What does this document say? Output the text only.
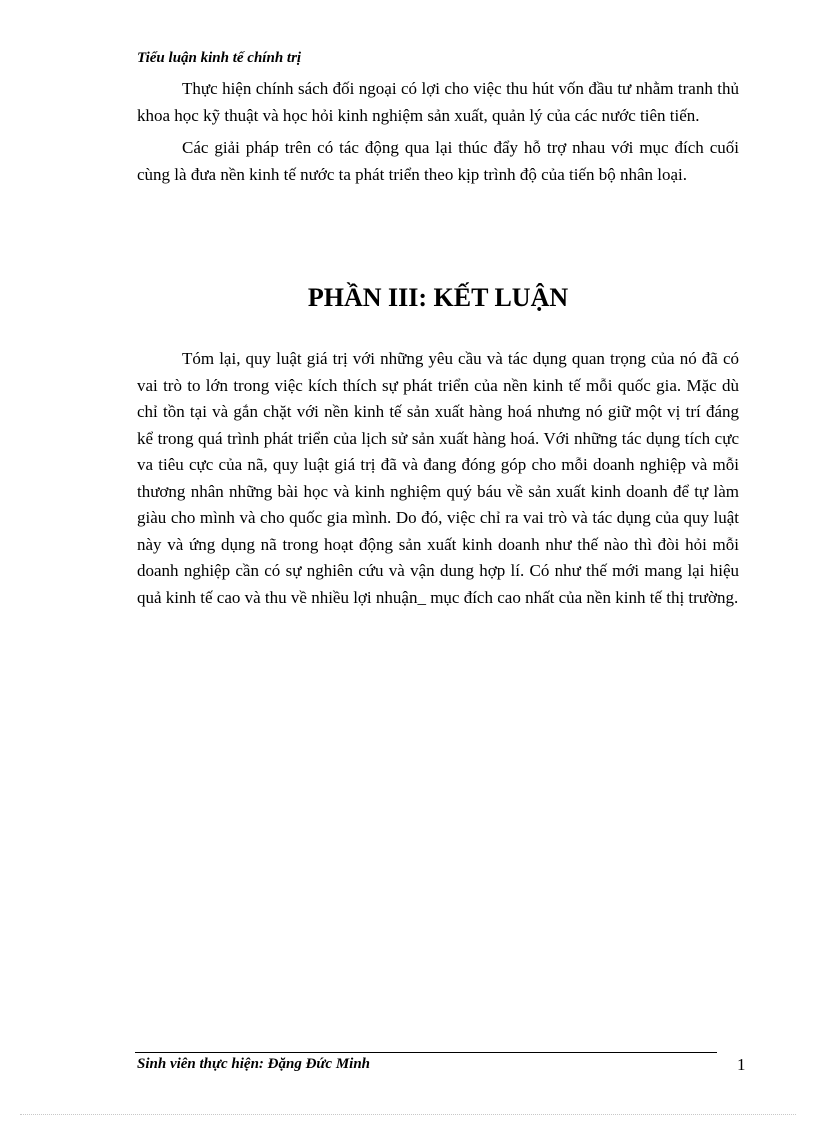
Tiểu luận kinh tế chính trị

Thực hiện chính sách đối ngoại có lợi cho việc thu hút vốn đầu tư nhằm tranh thủ khoa học kỹ thuật và học hỏi kinh nghiệm sản xuất, quản lý của các nước tiên tiến.

Các giải pháp trên có tác động qua lại thúc đẩy hỗ trợ nhau với mục đích cuối cùng là đưa nền kinh tế nước ta phát triển theo kịp trình độ của tiến bộ nhân loại.

PHẦN III: KẾT LUẬN

Tóm lại, quy luật giá trị với những yêu cầu và tác dụng quan trọng của nó đã có vai trò to lớn trong việc kích thích sự phát triển của nền kinh tế mỗi quốc gia. Mặc dù chỉ tồn tại và gắn chặt với nền kinh tế sản xuất hàng hoá nhưng nó giữ một vị trí đáng kể trong quá trình phát triển của lịch sử sản xuất hàng hoá. Với những tác dụng tích cực va tiêu cực của nã, quy luật giá trị đã và đang đóng góp cho mỗi doanh nghiệp và mỗi thương nhân những bài học và kinh nghiệm quý báu về sản xuất kinh doanh để tự làm giàu cho mình và cho quốc gia mình. Do đó, việc chỉ ra vai trò và tác dụng của quy luật này và ứng dụng nã trong hoạt động sản xuất kinh doanh như thế nào thì đòi hỏi mỗi doanh nghiệp cần có sự nghiên cứu và vận dung hợp lí. Có như thế mới mang lại hiệu quả kinh tế cao và thu về nhiều lợi nhuận_ mục đích cao nhất của nền kinh tế thị trường.

Sinh viên thực hiện: Đặng Đức Minh	1
